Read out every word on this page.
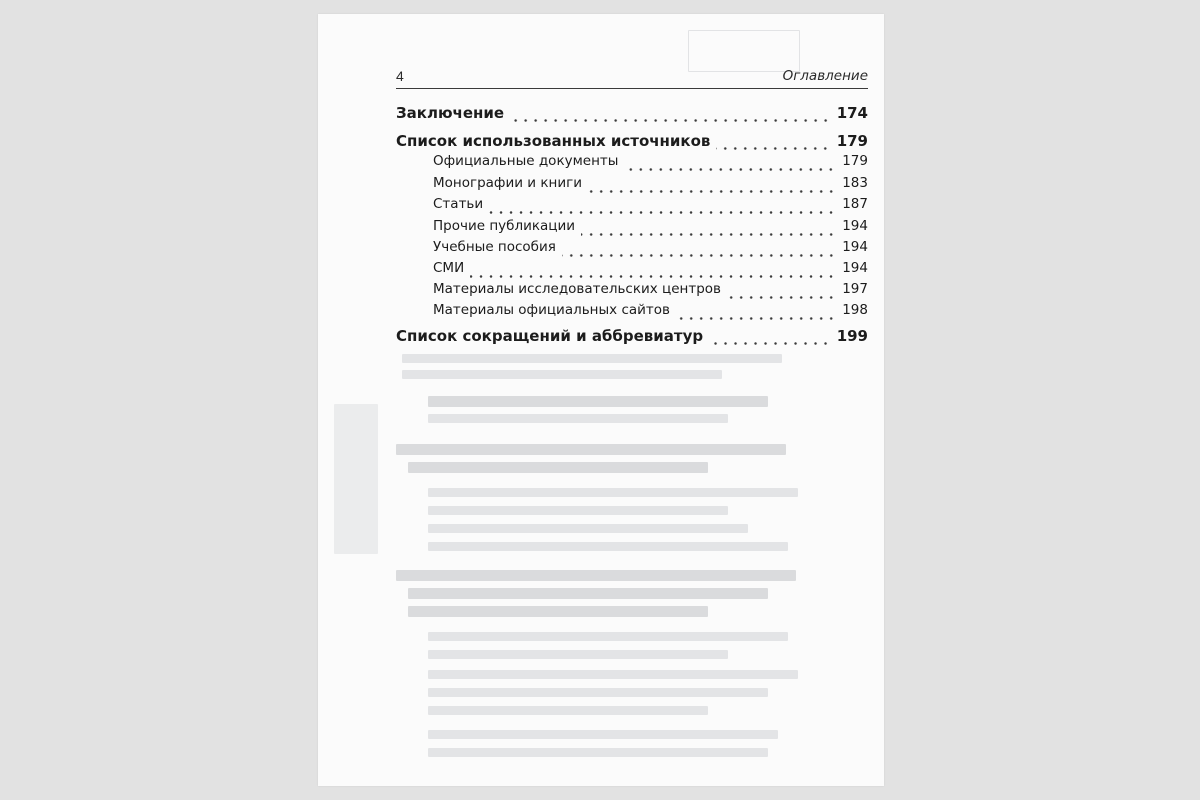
4	Оглавление
Заключение	174
Список использованных источников	179
Официальные документы	179
Монографии и книги	183
Статьи	187
Прочие публикации	194
Учебные пособия	194
СМИ	194
Материалы исследовательских центров	197
Материалы официальных сайтов	198
Список сокращений и аббревиатур	199
